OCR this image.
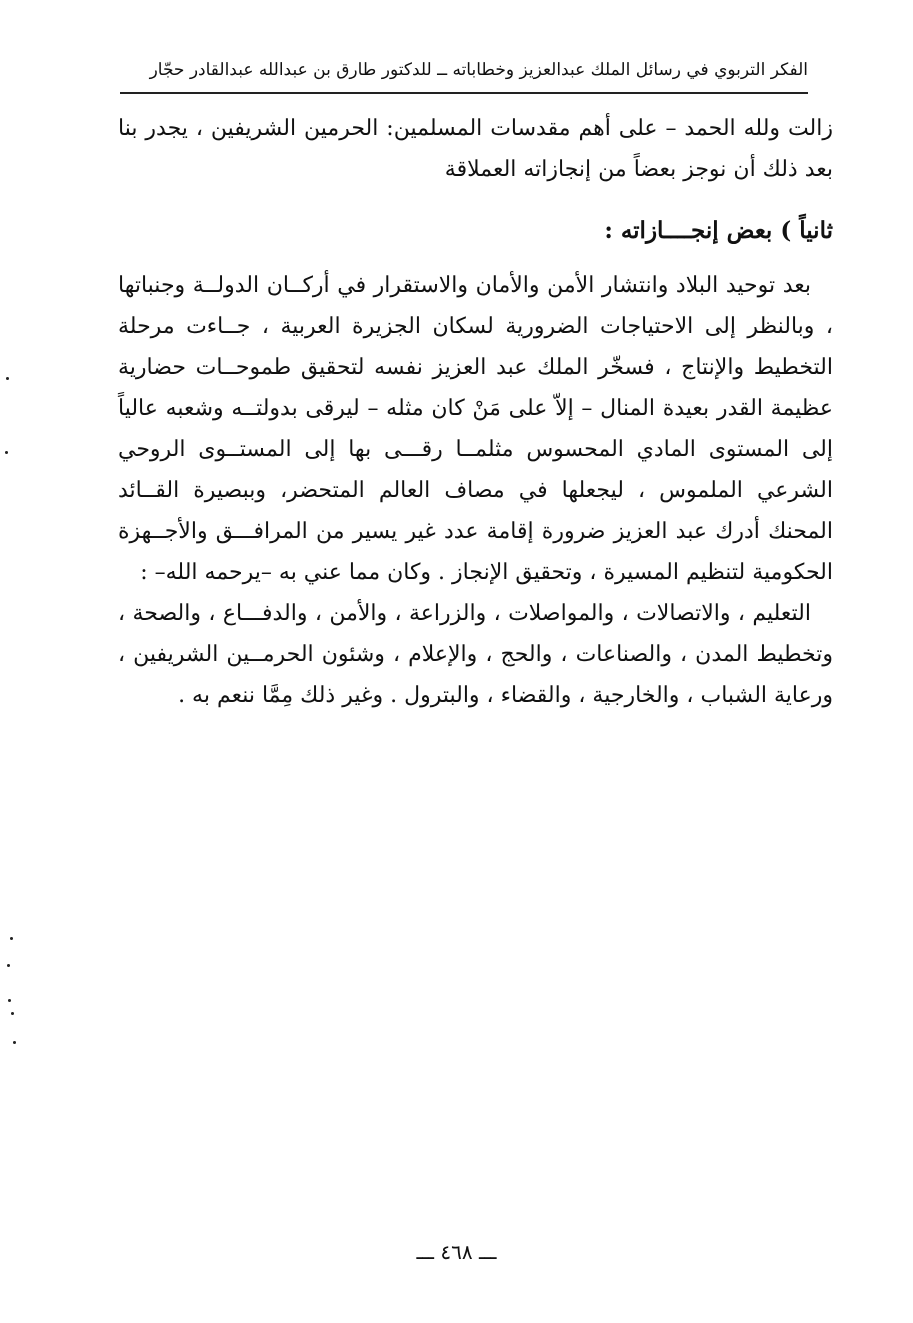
الفكر التربوي في رسائل الملك عبدالعزيز وخطاباته ــ للدكتور طارق بن عبدالله عبدالقادر حجّار

زالت ولله الحمد – على أهم مقدسات المسلمين: الحرمين الشريفين ، يجدر بنا بعد ذلك أن نوجز بعضاً من إنجازاته العملاقة

ثانياً ) بعض إنجــــازاته :

بعد توحيد البلاد وانتشار الأمن والأمان والاستقرار في أركــان الدولــة وجنباتها ، وبالنظر إلى الاحتياجات الضرورية لسكان الجزيرة العربية ، جــاءت مرحلة التخطيط والإنتاج ، فسخّر الملك عبد العزيز نفسه لتحقيق طموحــات حضارية عظيمة القدر بعيدة المنال – إلاّ على مَنْ كان مثله – ليرقى بدولتــه وشعبه عالياً إلى المستوى المادي المحسوس مثلمــا رقـــى بها إلى المستــوى الروحي الشرعي الملموس ، ليجعلها في مصاف العالم المتحضر، وببصيرة القــائد المحنك أدرك عبد العزيز ضرورة إقامة عدد غير يسير من المرافـــق والأجــهزة الحكومية لتنظيم المسيرة ، وتحقيق الإنجاز . وكان مما عني به –يرحمه الله– :

التعليم ، والاتصالات ، والمواصلات ، والزراعة ، والأمن ، والدفـــاع ، والصحة ، وتخطيط المدن ، والصناعات ، والحج ، والإعلام ، وشئون الحرمــين الشريفين ، ورعاية الشباب ، والخارجية ، والقضاء ، والبترول . وغير ذلك مِمَّا ننعم به .

ـــ ٤٦٨ ـــ
